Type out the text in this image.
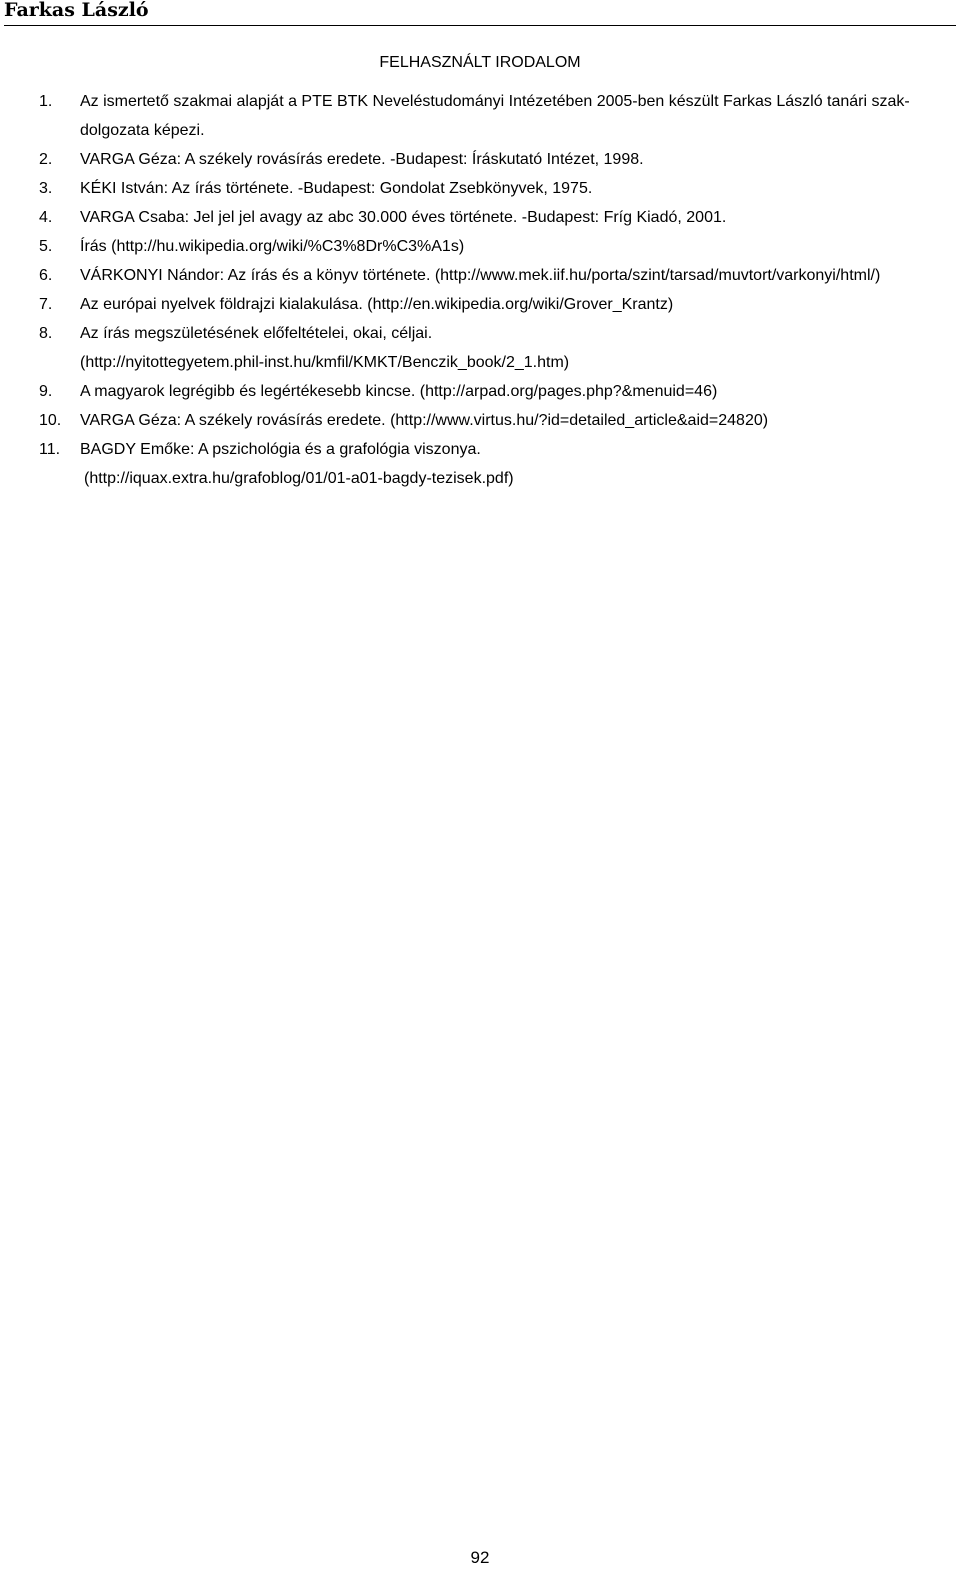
Farkas László
FELHASZNÁLT IRODALOM
1. Az ismertető szakmai alapját a PTE BTK Neveléstudományi Intézetében 2005-ben készült Farkas László tanári szak-
dolgozata képezi.
2. VARGA Géza: A székely rovásírás eredete. -Budapest: Íráskutató Intézet, 1998.
3. KÉKI István: Az írás története. -Budapest: Gondolat Zsebkönyvek, 1975.
4. VARGA Csaba: Jel jel jel avagy az abc 30.000 éves története. -Budapest: Fríg Kiadó, 2001.
5. Írás (http://hu.wikipedia.org/wiki/%C3%8Dr%C3%A1s)
6. VÁRKONYI Nándor: Az írás és a könyv története. (http://www.mek.iif.hu/porta/szint/tarsad/muvtort/varkonyi/html/)
7. Az európai nyelvek földrajzi kialakulása. (http://en.wikipedia.org/wiki/Grover_Krantz)
8. Az írás megszületésének előfeltételei, okai, céljai.
(http://nyitottegyetem.phil-inst.hu/kmfil/KMKT/Benczik_book/2_1.htm)
9. A magyarok legrégibb és legértékesebb kincse. (http://arpad.org/pages.php?&menuid=46)
10. VARGA Géza: A székely rovásírás eredete. (http://www.virtus.hu/?id=detailed_article&aid=24820)
11. BAGDY Emőke: A pszichológia és a grafológia viszonya.
(http://iquax.extra.hu/grafoblog/01/01-a01-bagdy-tezisek.pdf)
92
